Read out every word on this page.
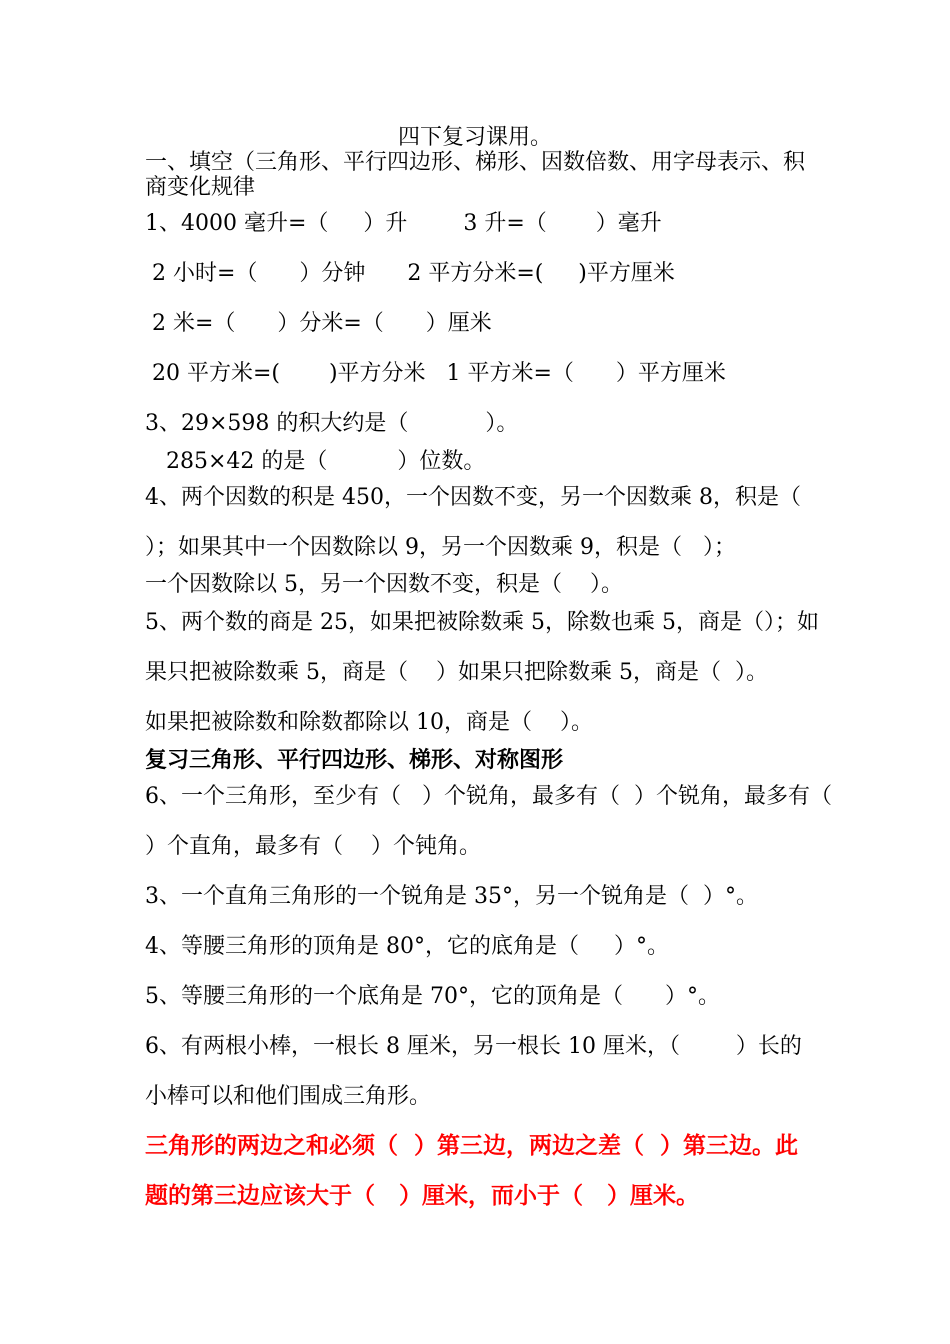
四下复习课用。
一、填空（三角形、平行四边形、梯形、因数倍数、用字母表示、积
商变化规律
1、4000 毫升=（     ）升        3 升=（       ）毫升
2 小时=（      ）分钟      2 平方分米=(     )平方厘米
2 米=（      ）分米=（      ）厘米
20 平方米=(       )平方分米   1 平方米=（      ）平方厘米
3、29×598 的积大约是（           ）。
285×42 的是（          ）位数。
4、两个因数的积是 450，一个因数不变，另一个因数乘 8，积是（
）；如果其中一个因数除以 9，另一个因数乘 9，积是（   ）；
一个因数除以 5，另一个因数不变，积是（    ）。
5、两个数的商是 25，如果把被除数乘 5，除数也乘 5，商是（）；如
果只把被除数乘 5，商是（    ）如果只把除数乘 5，商是（  ）。
如果把被除数和除数都除以 10，商是（    ）。
复习三角形、平行四边形、梯形、对称图形
6、一个三角形，至少有（   ）个锐角，最多有（  ）个锐角，最多有（
）个直角，最多有（    ）个钝角。
3、一个直角三角形的一个锐角是 35°，另一个锐角是（  ）°。
4、等腰三角形的顶角是 80°，它的底角是（     ）°。
5、等腰三角形的一个底角是 70°，它的顶角是（      ）°。
6、有两根小棒，一根长 8 厘米，另一根长 10 厘米，（        ）长的
小棒可以和他们围成三角形。
三角形的两边之和必须（  ）第三边，两边之差（  ）第三边。此
题的第三边应该大于（   ）厘米，而小于（   ）厘米。
